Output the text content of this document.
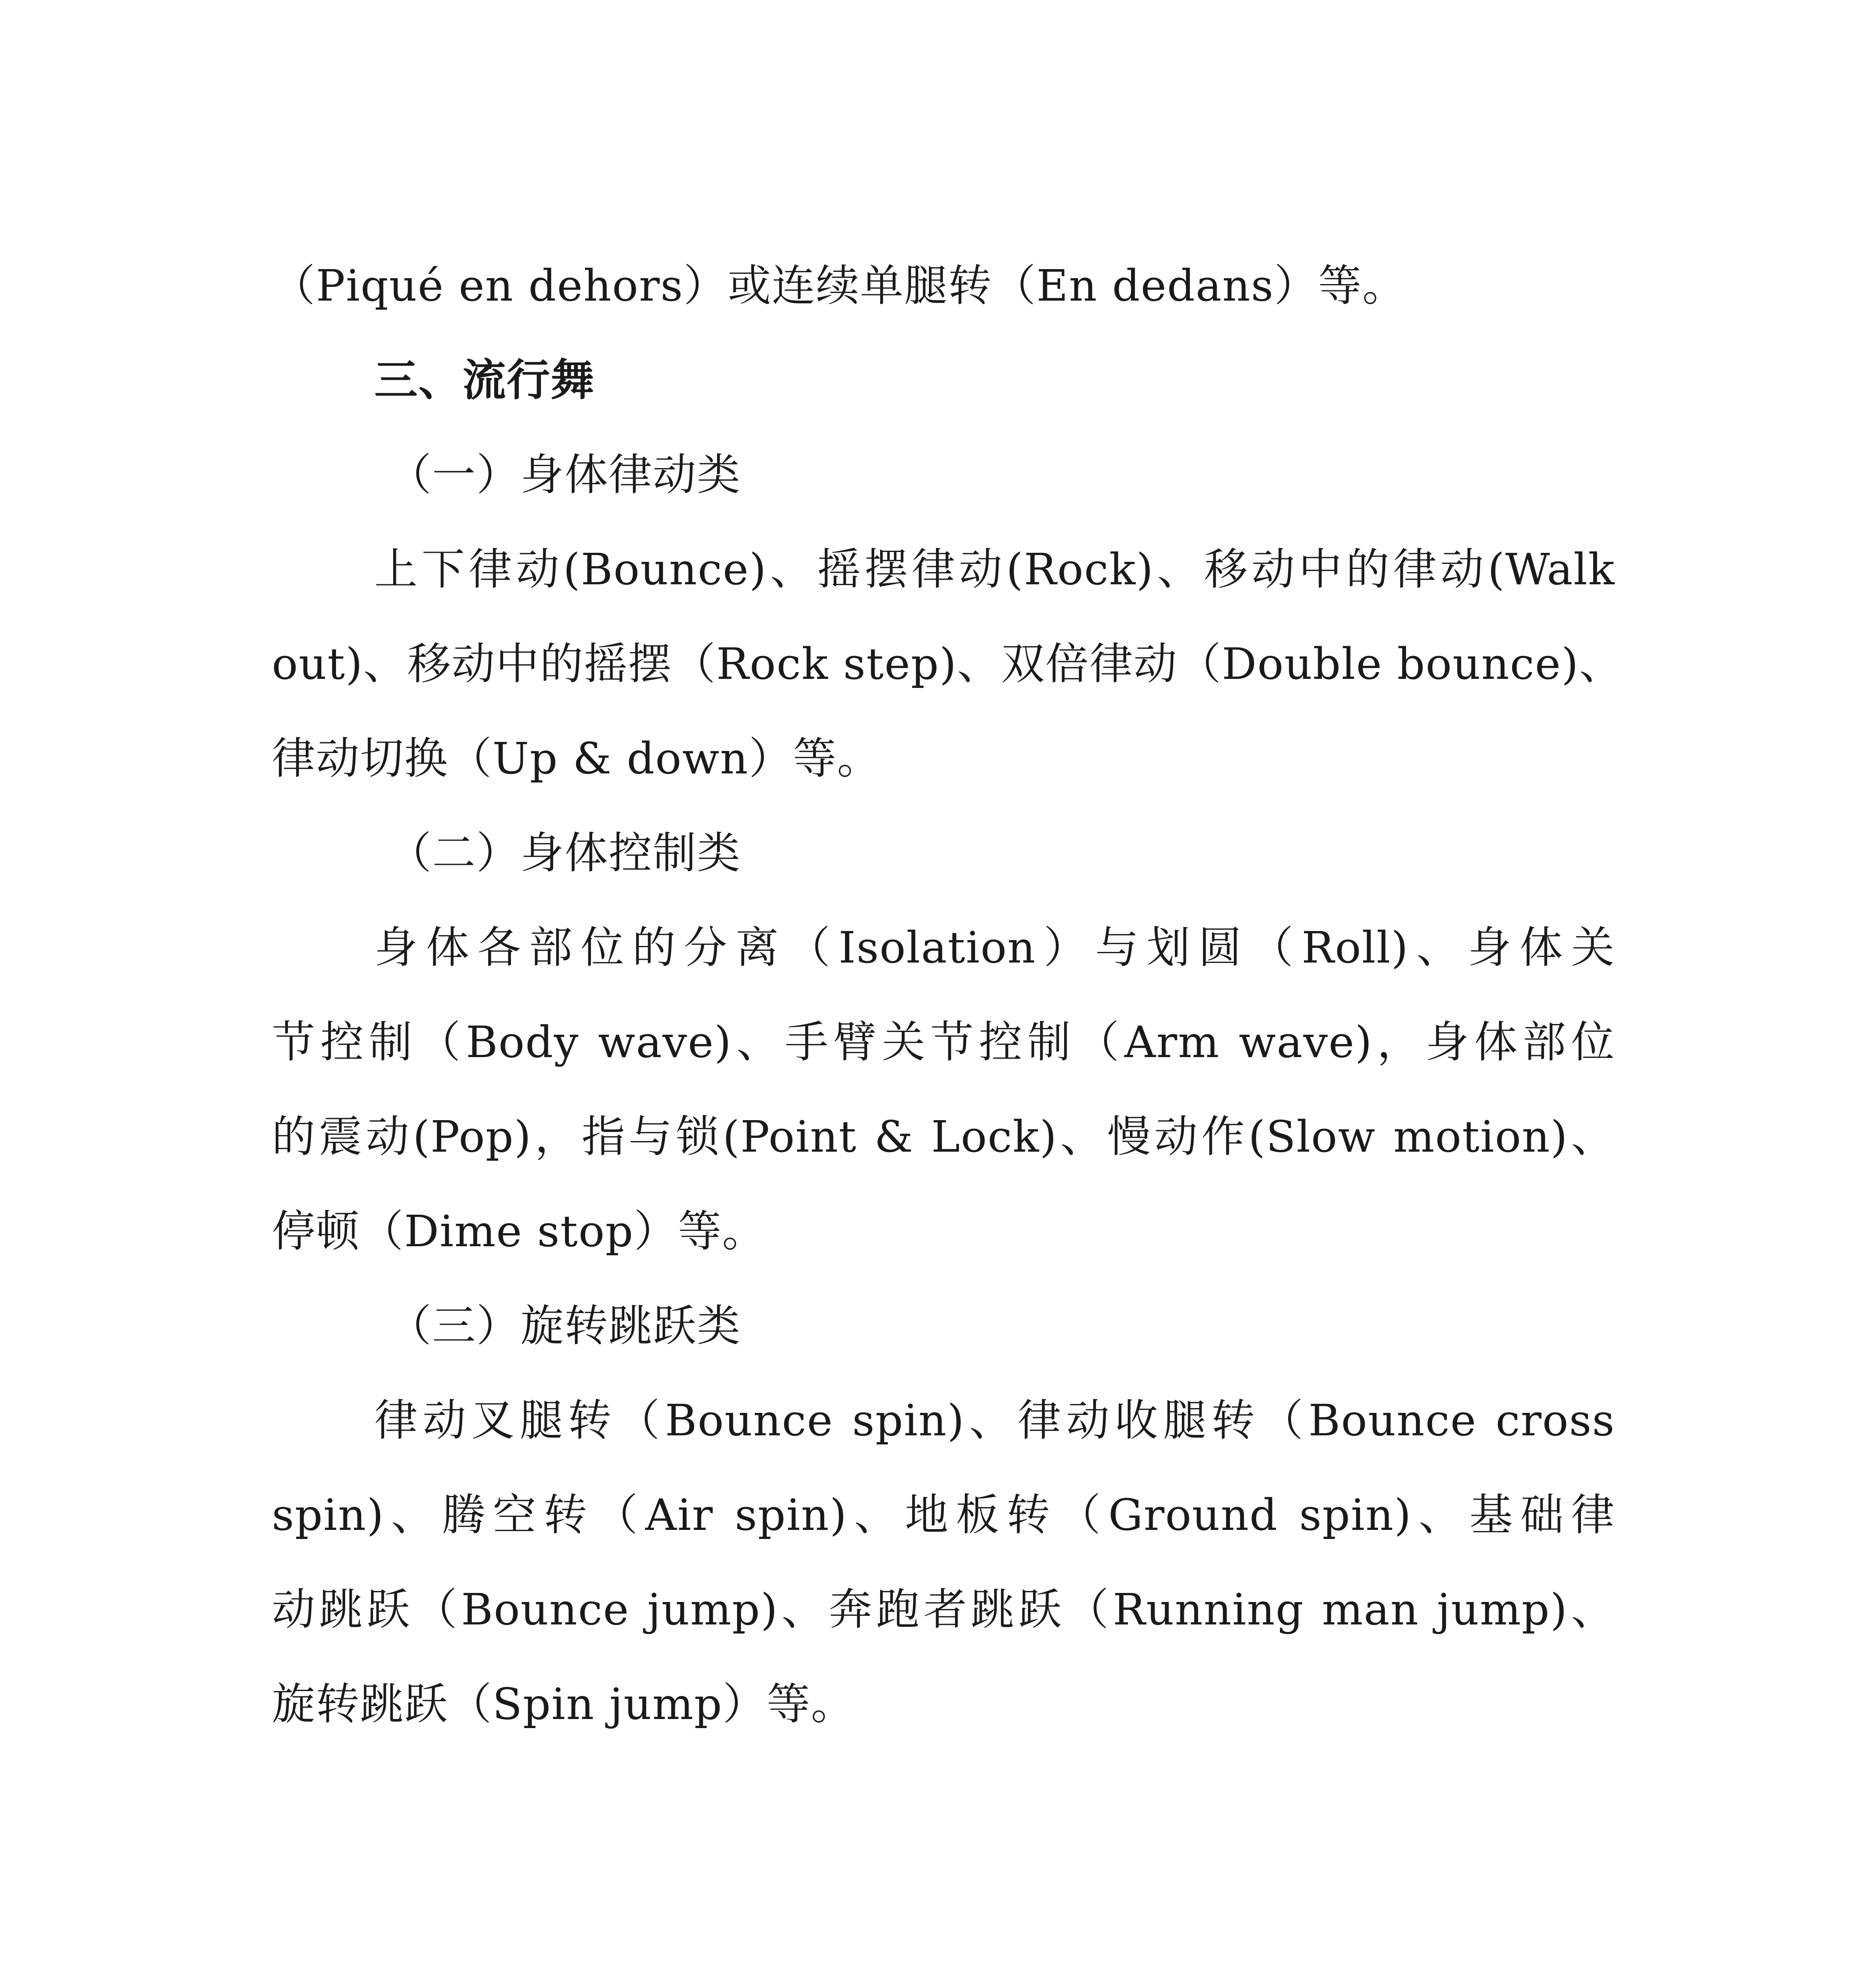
（Piqué en dehors）或连续单腿转（En dedans）等。
三、流行舞
（一）身体律动类
上下律动(Bounce)、摇摆律动(Rock)、移动中的律动(Walk
out)、移动中的摇摆（Rock step)、双倍律动（Double bounce)、
律动切换（Up & down）等。
（二）身体控制类
身体各部位的分离（Isolation）与划圆（Roll)、身体关
节控制（Body wave)、手臂关节控制（Arm wave)，身体部位
的震动(Pop)，指与锁(Point & Lock)、慢动作(Slow motion)、
停顿（Dime stop）等。
（三）旋转跳跃类
律动叉腿转（Bounce spin)、律动收腿转（Bounce cross
spin)、腾空转（Air spin)、地板转（Ground spin)、基础律
动跳跃（Bounce jump)、奔跑者跳跃（Running man jump)、
旋转跳跃（Spin jump）等。
